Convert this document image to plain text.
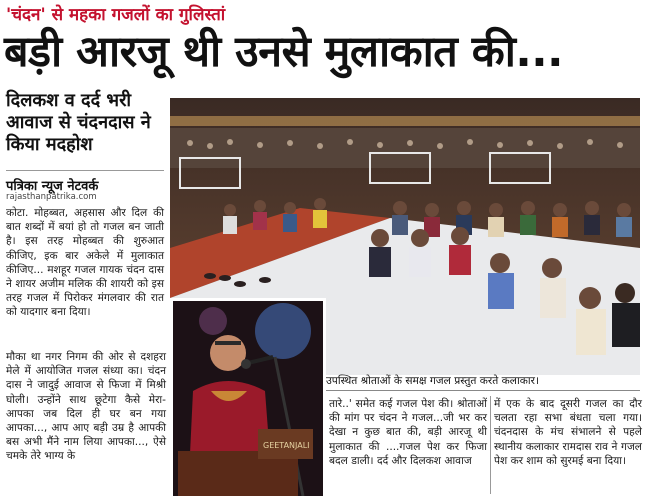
'चंदन' से महका गजलों का गुलिस्तां
बड़ी आरजू थी उनसे मुलाकात की...
दिलकश व दर्द भरी आवाज से चंदनदास ने किया मदहोश
पत्रिका न्यूज नेटवर्क
rajasthanpatrika.com

कोटा. मोहब्बत, अहसास और दिल की बात शब्दों में बयां हो तो गजल बन जाती है। इस तरह मोहब्बत की शुरुआत कीजिए, इक बार अकेले में मुलाकात कीजिए... मशहूर गजल गायक चंदन दास ने शायर अजीम मलिक की शायरी को इस तरह गजल में पिरोकर मंगलवार की रात को यादगार बना दिया।

मौका था नगर निगम की ओर से दशहरा मेले में आयोजित गजल संध्या का। चंदन दास ने जादुई आवाज से फिजा में मिश्री घोली। उन्होंने साथ छूटेगा कैसे मेरा-आपका जब दिल ही घर बन गया आपका..., आप आए बड़ी उम्र है आपकी बस अभी मैंने नाम लिया आपका..., ऐसे चमके तेरे भाग्य के

GEETANJALI
उपस्थित श्रोताओं के समक्ष गजल प्रस्तुत करते कलाकार।

तारे..' समेत कई गजल पेश की। श्रोताओं की मांग पर चंदन ने गजल...जी भर कर देखा न कुछ बात की, बड़ी आरजू थी मुलाकात की ....गजल पेश कर फिजा बदल डाली। दर्द और दिलकश आवाज

में एक के बाद दूसरी गजल का दौर चलता रहा सभा बंधता चला गया। चंदनदास के मंच संभालने से पहले स्थानीय कलाकार रामदास राव ने गजल पेश कर शाम को सुरमई बना दिया।
